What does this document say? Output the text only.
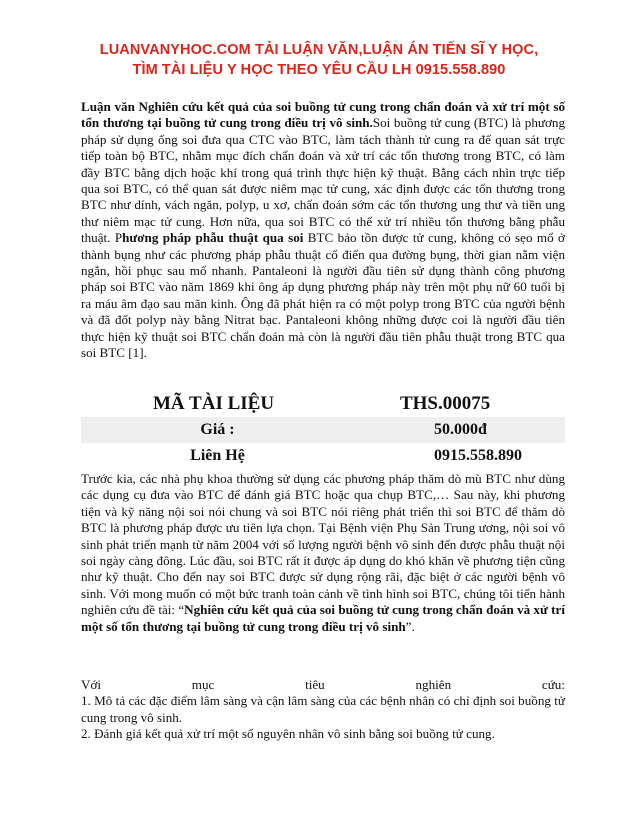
LUANVANYHOC.COM TẢI LUẬN VĂN,LUẬN ÁN TIẾN SĨ Y HỌC,
TÌM TÀI LIỆU Y HỌC THEO YÊU CẦU LH 0915.558.890
Luận văn Nghiên cứu kết quả của soi buồng tử cung trong chẩn đoán và xử trí một số tổn thương tại buồng tử cung trong điều trị vô sinh.Soi buồng tử cung (BTC) là phương pháp sử dụng ống soi đưa qua CTC vào BTC, làm tách thành tử cung ra để quan sát trực tiếp toàn bộ BTC, nhằm mục đích chẩn đoán và xử trí các tổn thương trong BTC, có làm đầy BTC bằng dịch hoặc khí trong quá trình thực hiện kỹ thuật. Bằng cách nhìn trực tiếp qua soi BTC, có thể quan sát được niêm mạc tử cung, xác định được các tổn thương trong BTC như dính, vách ngăn, polyp, u xơ, chẩn đoán sớm các tổn thương ung thư và tiền ung thư niêm mạc tử cung. Hơn nữa, qua soi BTC có thể xử trí nhiều tổn thương bằng phẫu thuật. Phương pháp phẫu thuật qua soi BTC bảo tồn được tử cung, không có sẹo mổ ở thành bụng như các phương pháp phẫu thuật cổ điển qua đường bụng, thời gian nằm viện ngắn, hồi phục sau mổ nhanh. Pantaleoni là người đầu tiên sử dụng thành công phương pháp soi BTC vào năm 1869 khi ông áp dụng phương pháp này trên một phụ nữ 60 tuổi bị ra máu âm đạo sau mãn kinh. Ông đã phát hiện ra có một polyp trong BTC của người bệnh và đã đốt polyp này bằng Nitrat bạc. Pantaleoni không những được coi là người đầu tiên thực hiện kỹ thuật soi BTC chẩn đoán mà còn là người đầu tiên phẫu thuật trong BTC qua soi BTC [1].
MÃ TÀI LIỆU	THS.00075
Giá :	50.000đ
Liên Hệ	0915.558.890
Trước kia, các nhà phụ khoa thường sử dụng các phương pháp thăm dò mù BTC như dùng các dụng cụ đưa vào BTC để đánh giá BTC hoặc qua chụp BTC,… Sau này, khi phương tiện và kỹ năng nội soi nói chung và soi BTC nói riêng phát triển thì soi BTC để thăm dò BTC là phương pháp được ưu tiên lựa chọn. Tại Bệnh viện Phụ Sản Trung ương, nội soi vô sinh phát triển mạnh từ năm 2004 với số lượng người bệnh vô sinh đến được phẫu thuật nội soi ngày càng đông. Lúc đầu, soi BTC rất ít được áp dụng do khó khăn về phương tiện cũng như kỹ thuật. Cho đến nay soi BTC được sử dụng rộng rãi, đặc biệt ở các người bệnh vô sinh. Với mong muốn có một bức tranh toàn cảnh về tình hình soi BTC, chúng tôi tiến hành nghiên cứu đề tài: “Nghiên cứu kết quả của soi buồng tử cung trong chẩn đoán và xử trí một số tổn thương tại buồng tử cung trong điều trị vô sinh”.
Với mục tiêu nghiên cứu:
1. Mô tả các đặc điểm lâm sàng và cận lâm sàng của các bệnh nhân có chỉ định soi buồng tử cung trong vô sinh.
2. Đánh giá kết quả xử trí một số nguyên nhân vô sinh bằng soi buồng tử cung.
